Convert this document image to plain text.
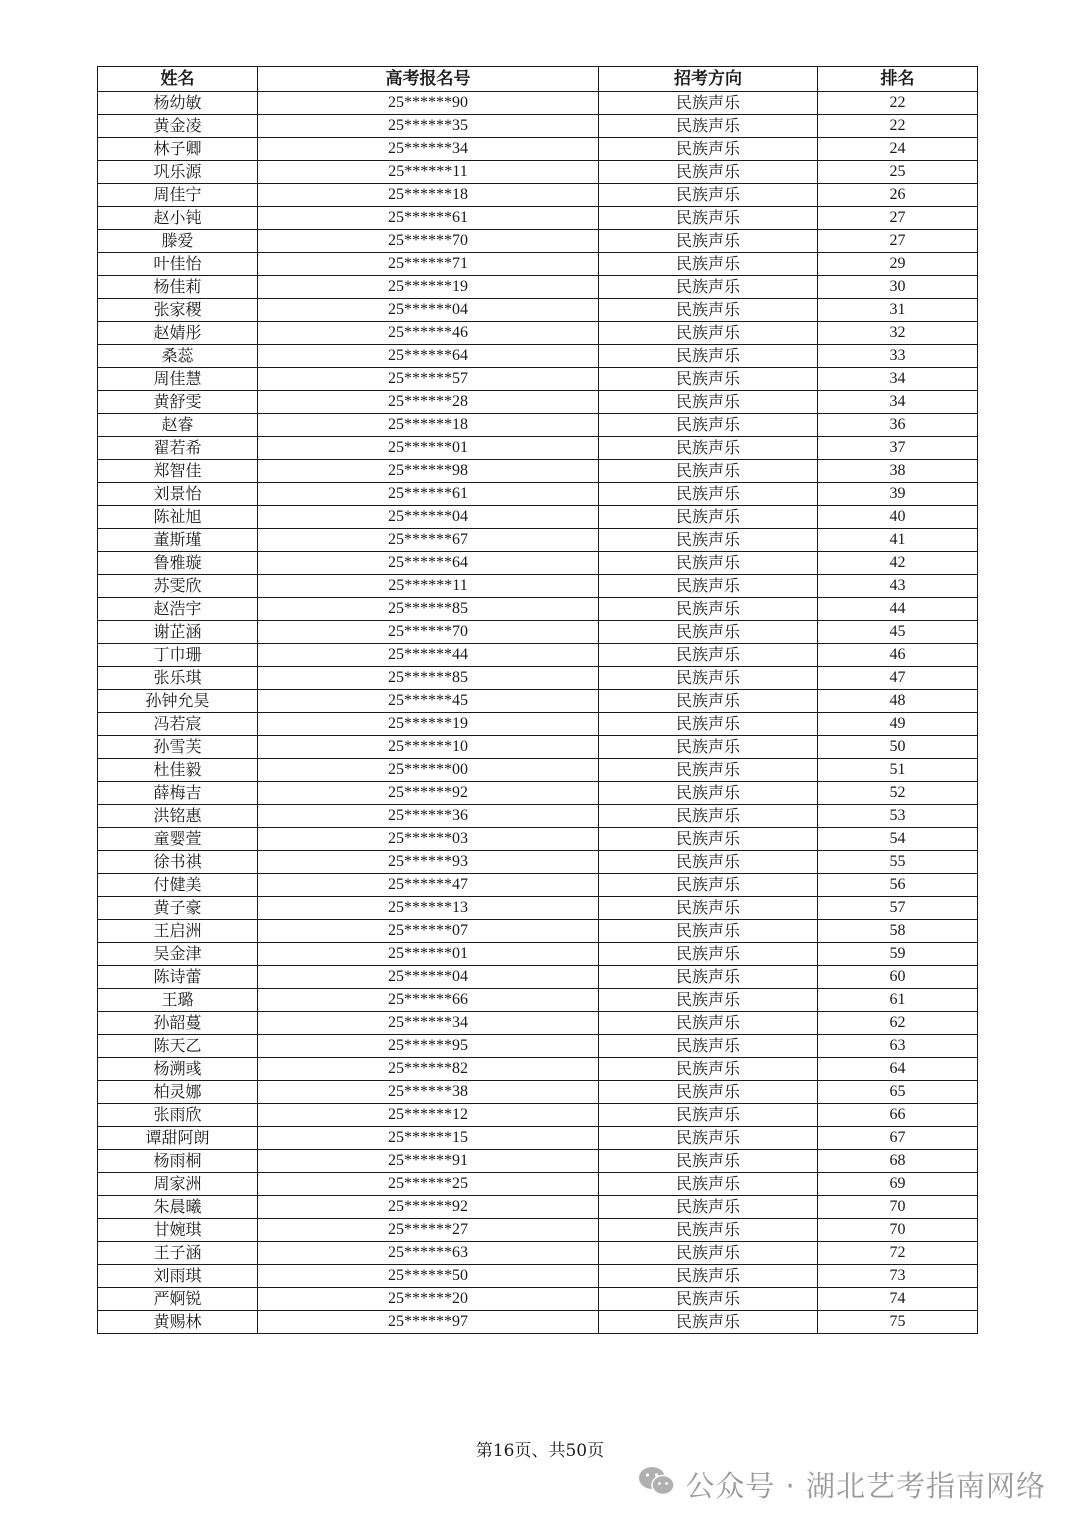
姓名	高考报名号	招考方向	排名
杨幼敏	25******90	民族声乐	22
黄金凌	25******35	民族声乐	22
林子卿	25******34	民族声乐	24
巩乐源	25******11	民族声乐	25
周佳宁	25******18	民族声乐	26
赵小钝	25******61	民族声乐	27
滕爱	25******70	民族声乐	27
叶佳怡	25******71	民族声乐	29
杨佳莉	25******19	民族声乐	30
张家稷	25******04	民族声乐	31
赵婧彤	25******46	民族声乐	32
桑蕊	25******64	民族声乐	33
周佳慧	25******57	民族声乐	34
黄舒雯	25******28	民族声乐	34
赵睿	25******18	民族声乐	36
翟若希	25******01	民族声乐	37
郑智佳	25******98	民族声乐	38
刘景怡	25******61	民族声乐	39
陈祉旭	25******04	民族声乐	40
董斯瑾	25******67	民族声乐	41
鲁雅璇	25******64	民族声乐	42
苏雯欣	25******11	民族声乐	43
赵浩宇	25******85	民族声乐	44
谢芷涵	25******70	民族声乐	45
丁巾珊	25******44	民族声乐	46
张乐琪	25******85	民族声乐	47
孙钟允昊	25******45	民族声乐	48
冯若宸	25******19	民族声乐	49
孙雪芙	25******10	民族声乐	50
杜佳毅	25******00	民族声乐	51
薛梅吉	25******92	民族声乐	52
洪铭惠	25******36	民族声乐	53
童婴萱	25******03	民族声乐	54
徐书祺	25******93	民族声乐	55
付健美	25******47	民族声乐	56
黄子豪	25******13	民族声乐	57
王启洲	25******07	民族声乐	58
吴金津	25******01	民族声乐	59
陈诗蕾	25******04	民族声乐	60
王璐	25******66	民族声乐	61
孙韶蔓	25******34	民族声乐	62
陈天乙	25******95	民族声乐	63
杨溯彧	25******82	民族声乐	64
柏灵娜	25******38	民族声乐	65
张雨欣	25******12	民族声乐	66
谭甜阿朗	25******15	民族声乐	67
杨雨桐	25******91	民族声乐	68
周家洲	25******25	民族声乐	69
朱晨曦	25******92	民族声乐	70
甘婉琪	25******27	民族声乐	70
王子涵	25******63	民族声乐	72
刘雨琪	25******50	民族声乐	73
严婀锐	25******20	民族声乐	74
黄赐林	25******97	民族声乐	75
第16页、共50页
公众号 · 湖北艺考指南网络
